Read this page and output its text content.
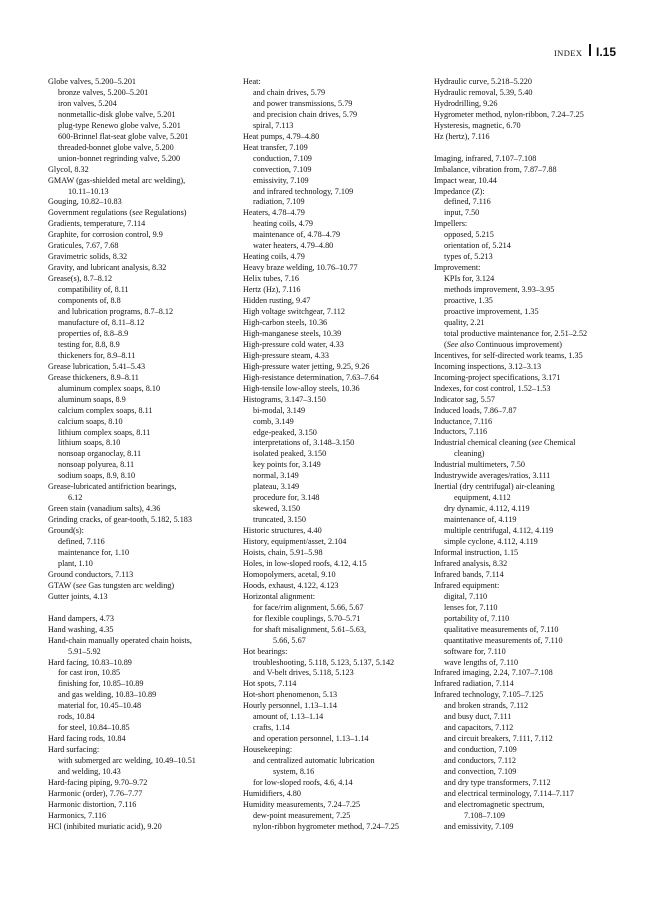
INDEX I.15
Globe valves, 5.200–5.201
bronze valves, 5.200–5.201
iron valves, 5.204
nonmetallic-disk globe valve, 5.201
plug-type Renewo globe valve, 5.201
600-Brinnel flat-seat globe valve, 5.201
threaded-bonnet globe valve, 5.200
union-bonnet regrinding valve, 5.200
Glycol, 8.32
GMAW (gas-shielded metal arc welding),
10.11–10.13
Gouging, 10.82–10.83
Government regulations (see Regulations)
Gradients, temperature, 7.114
Graphite, for corrosion control, 9.9
Graticules, 7.67, 7.68
Gravimetric solids, 8.32
Gravity, and lubricant analysis, 8.32
Grease(s), 8.7–8.12
compatibility of, 8.11
components of, 8.8
and lubrication programs, 8.7–8.12
manufacture of, 8.11–8.12
properties of, 8.8–8.9
testing for, 8.8, 8.9
thickeners for, 8.9–8.11
Grease lubrication, 5.41–5.43
Grease thickeners, 8.9–8.11
aluminum complex soaps, 8.10
aluminum soaps, 8.9
calcium complex soaps, 8.11
calcium soaps, 8.10
lithium complex soaps, 8.11
lithium soaps, 8.10
nonsoap organoclay, 8.11
nonsoap polyurea, 8.11
sodium soaps, 8.9, 8.10
Grease-lubricated antifriction bearings,
6.12
Green stain (vanadium salts), 4.36
Grinding cracks, of gear-tooth, 5.182, 5.183
Ground(s):
defined, 7.116
maintenance for, 1.10
plant, 1.10
Ground conductors, 7.113
GTAW (see Gas tungsten arc welding)
Gutter joints, 4.13
Hand dampers, 4.73
Hand washing, 4.35
Hand-chain manually operated chain hoists,
5.91–5.92
Hard facing, 10.83–10.89
for cast iron, 10.85
finishing for, 10.85–10.89
and gas welding, 10.83–10.89
material for, 10.45–10.48
rods, 10.84
for steel, 10.84–10.85
Hard facing rods, 10.84
Hard surfacing:
with submerged arc welding, 10.49–10.51
and welding, 10.43
Hard-facing piping, 9.70–9.72
Harmonic (order), 7.76–7.77
Harmonic distortion, 7.116
Harmonics, 7.116
HCl (inhibited muriatic acid), 9.20
Heat:
and chain drives, 5.79
and power transmissions, 5.79
and precision chain drives, 5.79
spiral, 7.113
Heat pumps, 4.79–4.80
Heat transfer, 7.109
conduction, 7.109
convection, 7.109
emissivity, 7.109
and infrared technology, 7.109
radiation, 7.109
Heaters, 4.78–4.79
heating coils, 4.79
maintenance of, 4.78–4.79
water heaters, 4.79–4.80
Heating coils, 4.79
Heavy braze welding, 10.76–10.77
Helix tubes, 7.16
Hertz (Hz), 7.116
Hidden rusting, 9.47
High voltage switchgear, 7.112
High-carbon steels, 10.36
High-manganese steels, 10.39
High-pressure cold water, 4.33
High-pressure steam, 4.33
High-pressure water jetting, 9.25, 9.26
High-resistance determination, 7.63–7.64
High-tensile low-alloy steels, 10.36
Histograms, 3.147–3.150
bi-modal, 3.149
comb, 3.149
edge-peaked, 3.150
interpretations of, 3.148–3.150
isolated peaked, 3.150
key points for, 3.149
normal, 3.149
plateau, 3.149
procedure for, 3.148
skewed, 3.150
truncated, 3.150
Historic structures, 4.40
History, equipment/asset, 2.104
Hoists, chain, 5.91–5.98
Holes, in low-sloped roofs, 4.12, 4.15
Homopolymers, acetal, 9.10
Hoods, exhaust, 4.122, 4.123
Horizontal alignment:
for face/rim alignment, 5.66, 5.67
for flexible couplings, 5.70–5.71
for shaft misalignment, 5.61–5.63,
5.66, 5.67
Hot bearings:
troubleshooting, 5.118, 5.123, 5.137, 5.142
and V-belt drives, 5.118, 5.123
Hot spots, 7.114
Hot-short phenomenon, 5.13
Hourly personnel, 1.13–1.14
amount of, 1.13–1.14
crafts, 1.14
and operation personnel, 1.13–1.14
Housekeeping:
and centralized automatic lubrication
system, 8.16
for low-sloped roofs, 4.6, 4.14
Humidifiers, 4.80
Humidity measurements, 7.24–7.25
dew-point measurement, 7.25
nylon-ribbon hygrometer method, 7.24–7.25
Hydraulic curve, 5.218–5.220
Hydraulic removal, 5.39, 5.40
Hydrodrilling, 9.26
Hygrometer method, nylon-ribbon, 7.24–7.25
Hysteresis, magnetic, 6.70
Hz (hertz), 7.116
Imaging, infrared, 7.107–7.108
Imbalance, vibration from, 7.87–7.88
Impact wear, 10.44
Impedance (Z):
defined, 7.116
input, 7.50
Impellers:
opposed, 5.215
orientation of, 5.214
types of, 5.213
Improvement:
KPIs for, 3.124
methods improvement, 3.93–3.95
proactive, 1.35
proactive improvement, 1.35
quality, 2.21
total productive maintenance for, 2.51–2.52
(See also Continuous improvement)
Incentives, for self-directed work teams, 1.35
Incoming inspections, 3.12–3.13
Incoming-project specifications, 3.171
Indexes, for cost control, 1.52–1.53
Indicator sag, 5.57
Induced loads, 7.86–7.87
Inductance, 7.116
Inductors, 7.116
Industrial chemical cleaning (see Chemical
cleaning)
Industrial multimeters, 7.50
Industrywide averages/ratios, 3.111
Inertial (dry centrifugal) air-cleaning
equipment, 4.112
dry dynamic, 4.112, 4.119
maintenance of, 4.119
multiple centrifugal, 4.112, 4.119
simple cyclone, 4.112, 4.119
Informal instruction, 1.15
Infrared analysis, 8.32
Infrared bands, 7.114
Infrared equipment:
digital, 7.110
lenses for, 7.110
portability of, 7.110
qualitative measurements of, 7.110
quantitative measurements of, 7.110
software for, 7.110
wave lengths of, 7.110
Infrared imaging, 2.24, 7.107–7.108
Infrared radiation, 7.114
Infrared technology, 7.105–7.125
and broken strands, 7.112
and busy duct, 7.111
and capacitors, 7.112
and circuit breakers, 7.111, 7.112
and conduction, 7.109
and conductors, 7.112
and convection, 7.109
and dry type transformers, 7.112
and electrical terminology, 7.114–7.117
and electromagnetic spectrum,
7.108–7.109
and emissivity, 7.109
